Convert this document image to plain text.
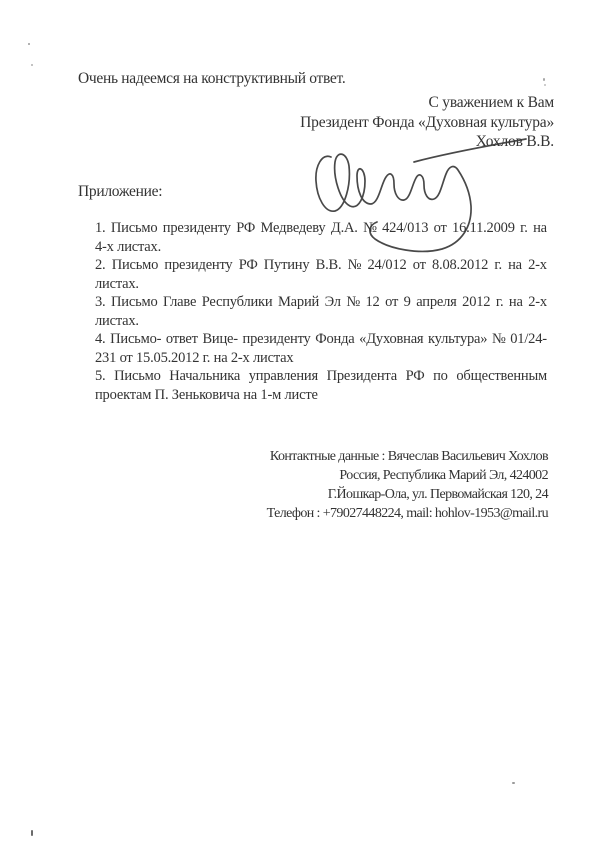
Очень надеемся на конструктивный ответ.
С уважением к Вам
Президент Фонда «Духовная культура»
Хохлов В.В.
Приложение:
1. Письмо президенту РФ Медведеву Д.А. № 424/013 от 16.11.2009 г. на
4-х листах.
2. Письмо президенту РФ Путину В.В. № 24/012 от 8.08.2012 г. на 2-х
листах.
3. Письмо Главе Республики Марий Эл № 12 от 9 апреля 2012 г. на 2-х
листах.
4. Письмо- ответ Вице- президенту Фонда «Духовная культура» № 01/24-
231 от 15.05.2012 г. на 2-х листах
5. Письмо Начальника управления Президента РФ по общественным
проектам П. Зеньковича на 1-м листе
Контактные данные : Вячеслав Васильевич Хохлов
Россия, Республика Марий Эл, 424002
Г.Йошкар-Ола, ул. Первомайская 120, 24
Телефон : +79027448224, mail: hohlov-1953@mail.ru
